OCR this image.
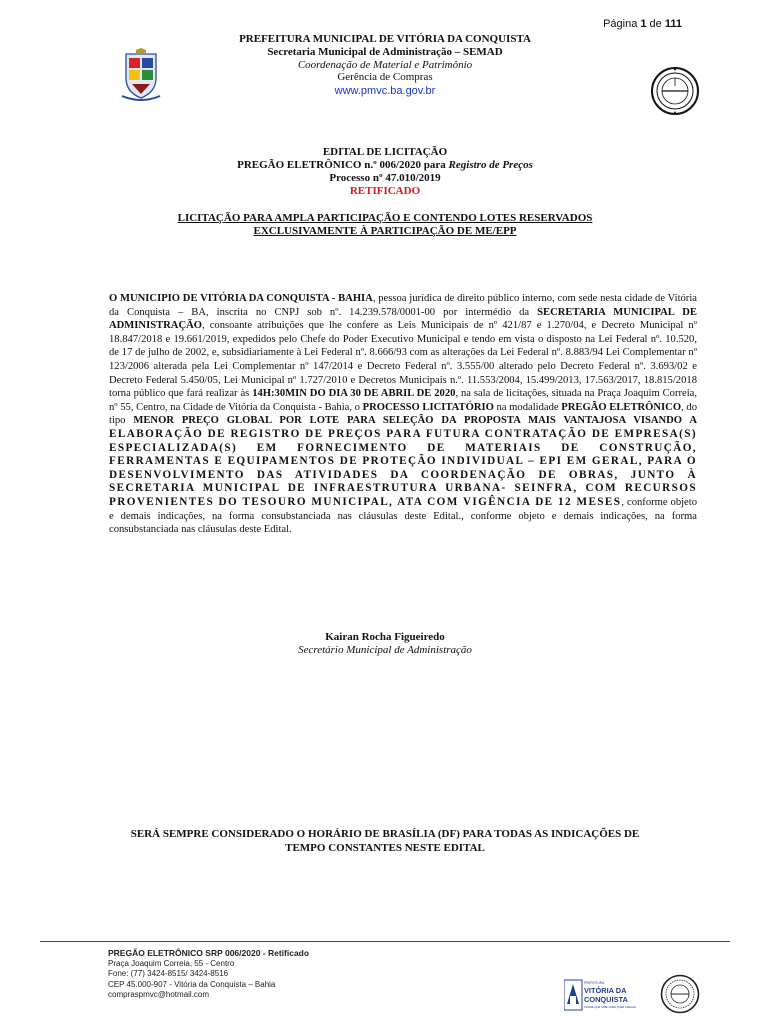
Página 1 de 111
PREFEITURA MUNICIPAL DE VITÓRIA DA CONQUISTA
Secretaria Municipal de Administração – SEMAD
Coordenação de Material e Patrimônio
Gerência de Compras
www.pmvc.ba.gov.br
EDITAL DE LICITAÇÃO
PREGÃO ELETRÔNICO n.º 006/2020 para Registro de Preços
Processo nº 47.010/2019
RETIFICADO
LICITAÇÃO PARA AMPLA PARTICIPAÇÃO E CONTENDO LOTES RESERVADOS
EXCLUSIVAMENTE À PARTICIPAÇÃO DE ME/EPP
O MUNICIPIO DE VITÓRIA DA CONQUISTA - BAHIA, pessoa jurídica de direito público interno, com sede nesta cidade de Vitória da Conquista – BA, inscrita no CNPJ sob nº. 14.239.578/0001-00 por intermédio da SECRETARIA MUNICIPAL DE ADMINISTRAÇÃO, consoante atribuições que lhe confere as Leis Municipais de nº 421/87 e 1.270/04, e Decreto Municipal nº 18.847/2018 e 19.661/2019, expedidos pelo Chefe do Poder Executivo Municipal e tendo em vista o disposto na Lei Federal nº. 10.520, de 17 de julho de 2002, e, subsidiariamente à Lei Federal nº. 8.666/93 com as alterações da Lei Federal nº. 8.883/94 Lei Complementar nº 123/2006 alterada pela Lei Complementar nº 147/2014 e Decreto Federal nº. 3.555/00 alterado pelo Decreto Federal nº. 3.693/02 e Decreto Federal 5.450/05, Lei Municipal nº 1.727/2010 e Decretos Municipais n.º. 11.553/2004, 15.499/2013, 17.563/2017, 18.815/2018 torna público que fará realizar às 14H:30MIN DO DIA 30 DE ABRIL DE 2020, na sala de licitações, situada na Praça Joaquim Correia, nº 55, Centro, na Cidade de Vitória da Conquista - Bahia, o PROCESSO LICITATÓRIO na modalidade PREGÃO ELETRÔNICO, do tipo MENOR PREÇO GLOBAL POR LOTE PARA SELEÇÃO DA PROPOSTA MAIS VANTAJOSA VISANDO A ELABORAÇÃO DE REGISTRO DE PREÇOS PARA FUTURA CONTRATAÇÃO DE EMPRESA(S) ESPECIALIZADA(S) EM FORNECIMENTO DE MATERIAIS DE CONSTRUÇÃO, FERRAMENTAS E EQUIPAMENTOS DE PROTEÇÃO INDIVIDUAL – EPI EM GERAL, PARA O DESENVOLVIMENTO DAS ATIVIDADES DA COORDENAÇÃO DE OBRAS, JUNTO À SECRETARIA MUNICIPAL DE INFRAESTRUTURA URBANA- SEINFRA, COM RECURSOS PROVENIENTES DO TESOURO MUNICIPAL, ATA COM VIGÊNCIA DE 12 MESES, conforme objeto e demais indicações, na forma consubstanciada nas cláusulas deste Edital., conforme objeto e demais indicações, na forma consubstanciada nas cláusulas deste Edital.
Kairan Rocha Figueiredo
Secretário Municipal de Administração
SERÁ SEMPRE CONSIDERADO O HORÁRIO DE BRASÍLIA (DF) PARA TODAS AS INDICAÇÕES DE
TEMPO CONSTANTES NESTE EDITAL
PREGÃO ELETRÔNICO SRP 006/2020 - Retificado
Praça Joaquim Correia, 55 - Centro
Fone: (77) 3424-8515/ 3424-8516
CEP 45.000-907 - Vitória da Conquista – Bahia
compraspmvc@hotmail.com
PREFEITURA
VITÓRIA DA
CONQUISTA
CIDADE QUE SABE ONDE QUER CHEGAR
